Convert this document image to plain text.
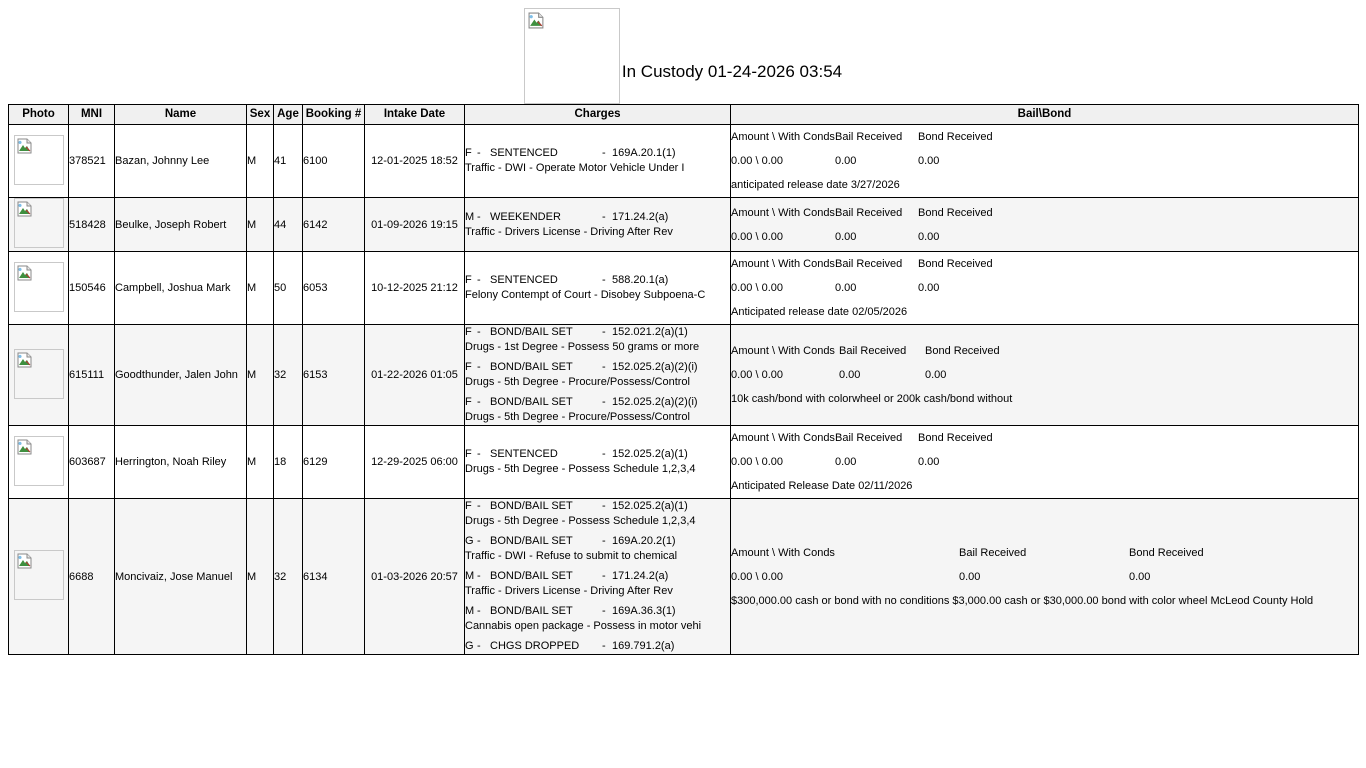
In Custody 01-24-2026 03:54
Photo	MNI	Name	Sex	Age	Booking #	Intake Date	Charges	Bail\Bond

	378521	Bazan, Johnny Lee	M	41	6100	12-01-2025 18:52	
F - SENTENCED	- 169A.20.1(1)
Traffic - DWI - Operate Motor Vehicle Under I

Amount \ With Conds Bail Received	Bond Received
0.00 \ 0.00	0.00	0.00
anticipated release date 3/27/2026

	518428	Beulke, Joseph Robert	M	44	6142	01-09-2026 19:15	
M - WEEKENDER	- 171.24.2(a)
Traffic - Drivers License - Driving After Rev

Amount \ With Conds Bail Received	Bond Received
0.00 \ 0.00	0.00	0.00

	150546	Campbell, Joshua Mark	M	50	6053	10-12-2025 21:12	
F - SENTENCED	- 588.20.1(a)
Felony Contempt of Court - Disobey Subpoena-C

Amount \ With Conds Bail Received	Bond Received
0.00 \ 0.00	0.00	0.00
Anticipated release date 02/05/2026

	615111	Goodthunder, Jalen John	M	32	6153	01-22-2026 01:05	
F - BOND/BAIL SET	- 152.021.2(a)(1)
Drugs - 1st Degree - Possess 50 grams or more
F - BOND/BAIL SET	- 152.025.2(a)(2)(i)
Drugs - 5th Degree - Procure/Possess/Control
F - BOND/BAIL SET	- 152.025.2(a)(2)(i)
Drugs - 5th Degree - Procure/Possess/Control

Amount \ With Conds Bail Received	Bond Received
0.00 \ 0.00	0.00	0.00
10k cash/bond with colorwheel or 200k cash/bond without

	603687	Herrington, Noah Riley	M	18	6129	12-29-2025 06:00	
F - SENTENCED	- 152.025.2(a)(1)
Drugs - 5th Degree - Possess Schedule 1,2,3,4

Amount \ With Conds Bail Received	Bond Received
0.00 \ 0.00	0.00	0.00
Anticipated Release Date 02/11/2026

	6688	Moncivaiz, Jose Manuel	M	32	6134	01-03-2026 20:57	
F - BOND/BAIL SET	- 152.025.2(a)(1)
Drugs - 5th Degree - Possess Schedule 1,2,3,4
G - BOND/BAIL SET	- 169A.20.2(1)
Traffic - DWI - Refuse to submit to chemical
M - BOND/BAIL SET	- 171.24.2(a)
Traffic - Drivers License - Driving After Rev
M - BOND/BAIL SET	- 169A.36.3(1)
Cannabis open package - Possess in motor vehi
G - CHGS DROPPED	- 169.791.2(a)

Amount \ With Conds	Bail Received	Bond Received
0.00 \ 0.00	0.00	0.00
$300,000.00 cash or bond with no conditions $3,000.00 cash or $30,000.00 bond with color wheel McLeod County Hold
